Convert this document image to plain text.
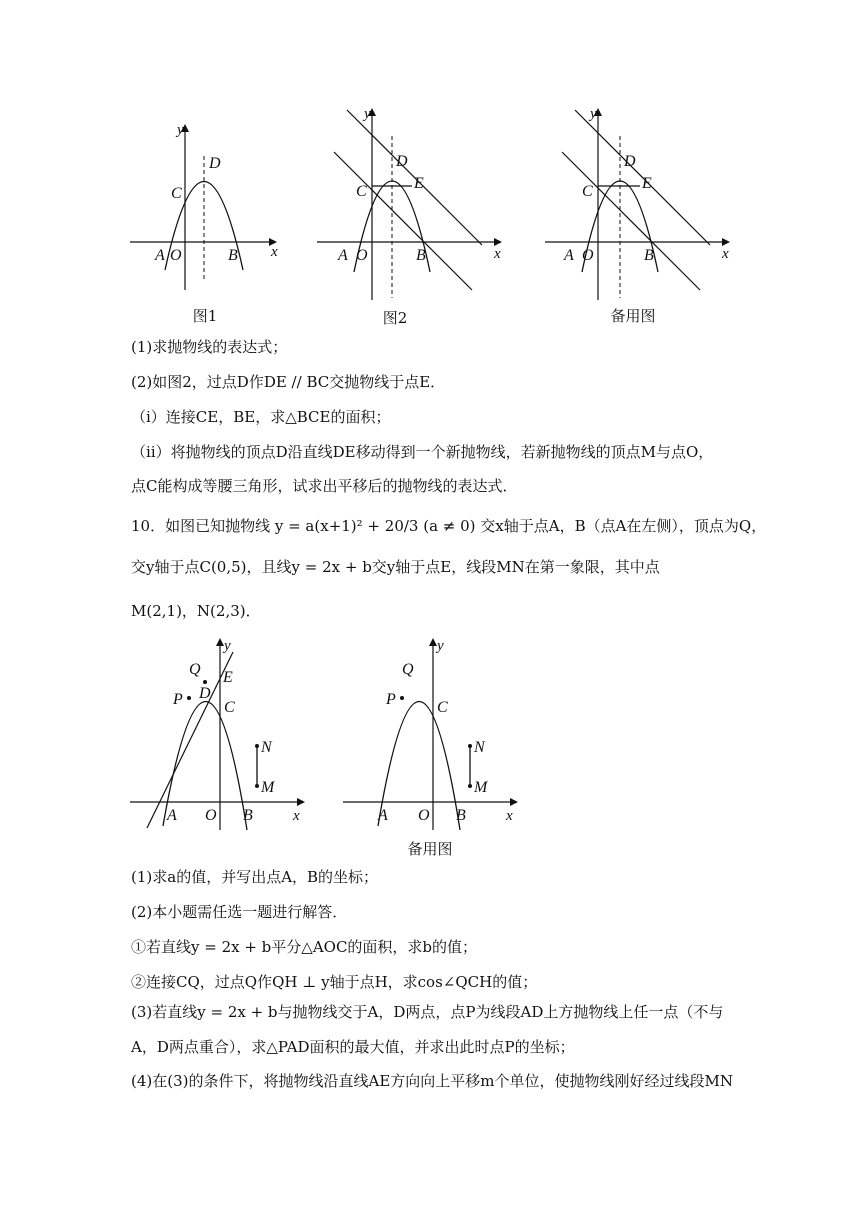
y
x
D
C
A O	B
图1
y
x
D
C	E
A O	B
图2
y
x
D
C	E
A O	B
备用图
(1)求抛物线的表达式；
(2)如图2，过点D作DE // BC交抛物线于点E．
（ⅰ）连接CE，BE，求△BCE的面积；
（ⅱ）将抛物线的顶点D沿直线DE移动得到一个新抛物线，若新抛物线的顶点M与点O，
点C能构成等腰三角形，试求出平移后的抛物线的表达式．
10．如图已知抛物线 y = a(x+1)² + 20/3 (a ≠ 0) 交x轴于点A，B（点A在左侧），顶点为Q，
交y轴于点C(0,5)，且线y = 2x + b交y轴于点E，线段MN在第一象限，其中点
M(2,1)，N(2,3)．
y
x
Q
P D
E
C
N
M
A O B
y
x
Q
P	C
N
M
A O B
备用图
(1)求a的值，并写出点A，B的坐标；
(2)本小题需任选一题进行解答．
①若直线y = 2x + b平分△AOC的面积，求b的值；
②连接CQ，过点Q作QH ⊥ y轴于点H，求cos∠QCH的值；
(3)若直线y = 2x + b与抛物线交于A，D两点，点P为线段AD上方抛物线上任一点（不与
A，D两点重合），求△PAD面积的最大值，并求出此时点P的坐标；
(4)在(3)的条件下，将抛物线沿直线AE方向向上平移m个单位，使抛物线刚好经过线段MN
